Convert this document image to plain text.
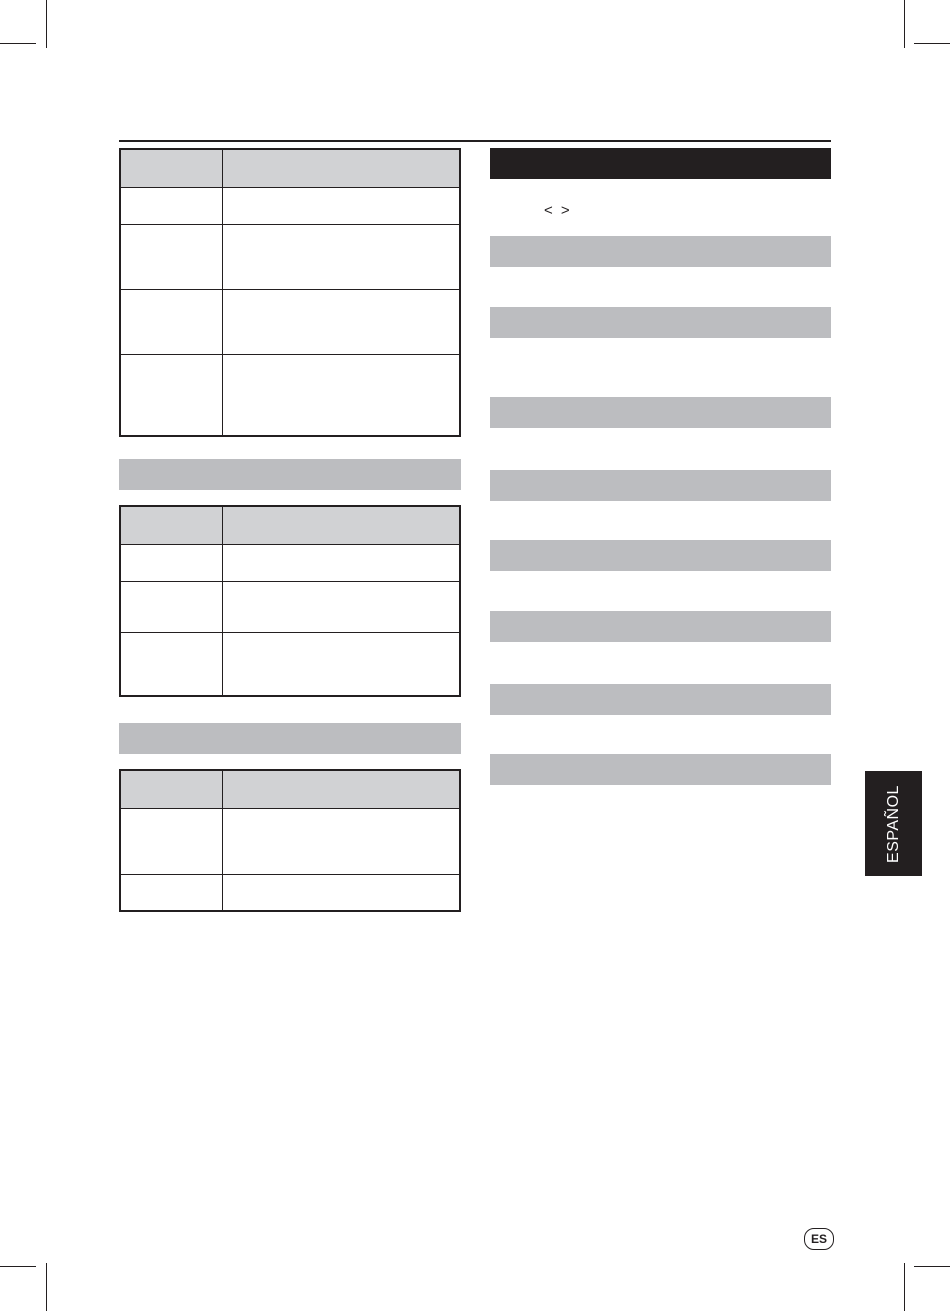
< >
ESPAÑOL
ES
